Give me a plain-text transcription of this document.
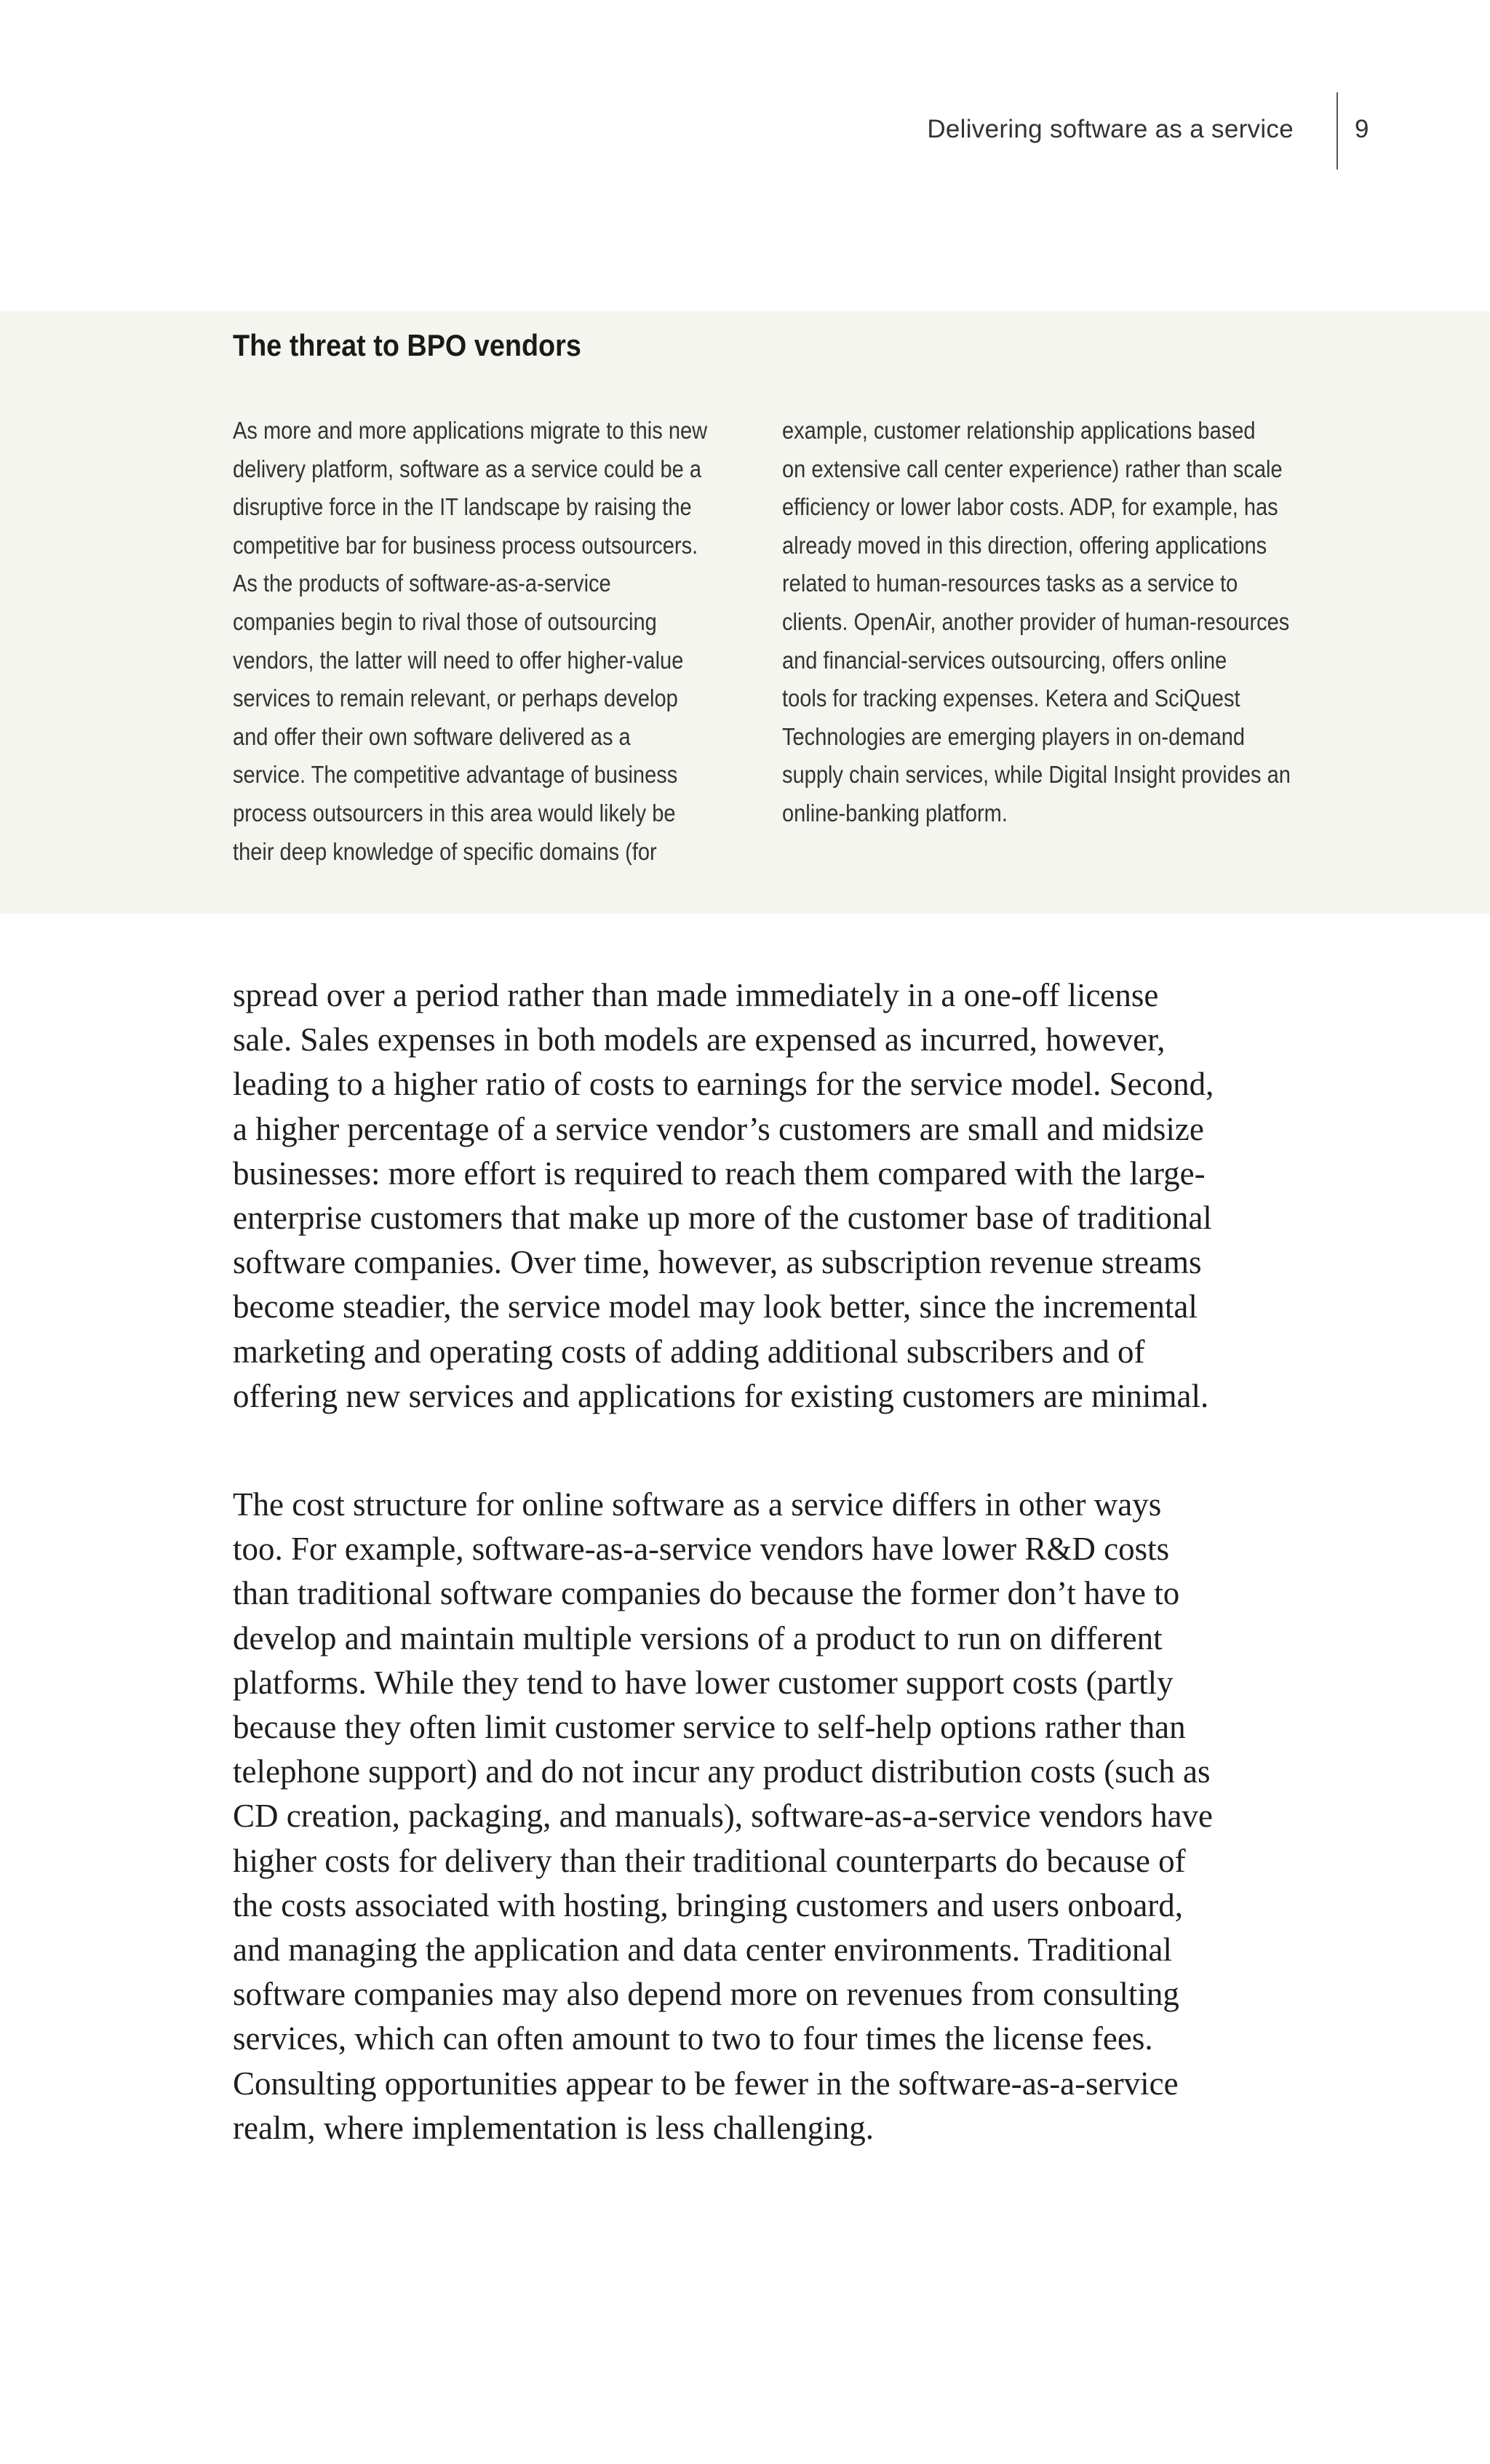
Delivering software as a service 9
The threat to BPO vendors
As more and more applications migrate to this new
delivery platform, software as a service could be a
disruptive force in the IT landscape by raising the
competitive bar for business process outsourcers.
As the products of software-as-a-service
companies begin to rival those of outsourcing
vendors, the latter will need to offer higher-value
services to remain relevant, or perhaps develop
and offer their own software delivered as a
service. The competitive advantage of business
process outsourcers in this area would likely be
their deep knowledge of specific domains (for
example, customer relationship applications based
on extensive call center experience) rather than scale
efficiency or lower labor costs. ADP, for example, has
already moved in this direction, offering applications
related to human-resources tasks as a service to
clients. OpenAir, another provider of human-resources
and financial-services outsourcing, offers online
tools for tracking expenses. Ketera and SciQuest
Technologies are emerging players in on-demand
supply chain services, while Digital Insight provides an
online-banking platform.
spread over a period rather than made immediately in a one-off license
sale. Sales expenses in both models are expensed as incurred, however,
leading to a higher ratio of costs to earnings for the service model. Second,
a higher percentage of a service vendor’s customers are small and midsize
businesses: more effort is required to reach them compared with the large-
enterprise customers that make up more of the customer base of traditional
software companies. Over time, however, as subscription revenue streams
become steadier, the service model may look better, since the incremental
marketing and operating costs of adding additional subscribers and of
offering new services and applications for existing customers are minimal.
The cost structure for online software as a service differs in other ways
too. For example, software-as-a-service vendors have lower R&D costs
than traditional software companies do because the former don’t have to
develop and maintain multiple versions of a product to run on different
platforms. While they tend to have lower customer support costs (partly
because they often limit customer service to self-help options rather than
telephone support) and do not incur any product distribution costs (such as
CD creation, packaging, and manuals), software-as-a-service vendors have
higher costs for delivery than their traditional counterparts do because of
the costs associated with hosting, bringing customers and users onboard,
and managing the application and data center environments. Traditional
software companies may also depend more on revenues from consulting
services, which can often amount to two to four times the license fees.
Consulting opportunities appear to be fewer in the software-as-a-service
realm, where implementation is less challenging.
